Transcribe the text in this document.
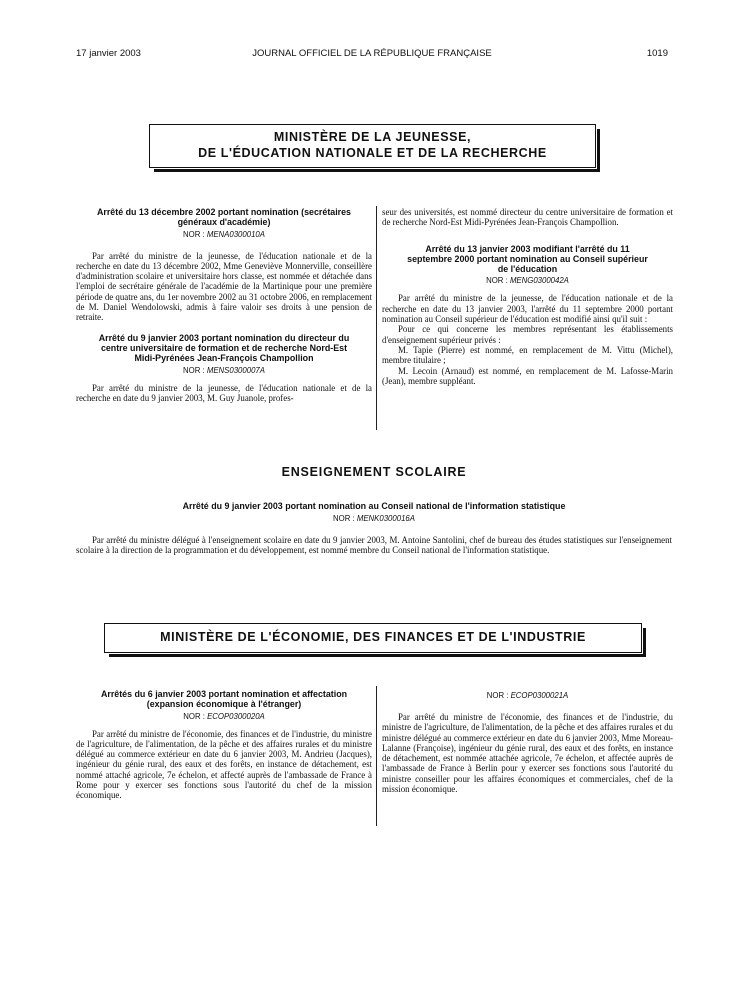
17 janvier 2003	JOURNAL OFFICIEL DE LA RÉPUBLIQUE FRANÇAISE	1019
MINISTÈRE DE LA JEUNESSE,
DE L'ÉDUCATION NATIONALE ET DE LA RECHERCHE
Arrêté du 13 décembre 2002 portant nomination (secrétaires généraux d'académie)
NOR : MENA0300010A

Par arrêté du ministre de la jeunesse, de l'éducation nationale et de la recherche en date du 13 décembre 2002, Mme Geneviève Monnerville, conseillère d'administration scolaire et universitaire hors classe, est nommée et détachée dans l'emploi de secrétaire générale de l'académie de la Martinique pour une première période de quatre ans, du 1er novembre 2002 au 31 octobre 2006, en remplacement de M. Daniel Wendolowski, admis à faire valoir ses droits à une pension de retraite.

Arrêté du 9 janvier 2003 portant nomination du directeur du centre universitaire de formation et de recherche Nord-Est Midi-Pyrénées Jean-François Champollion
NOR : MENS0300007A

Par arrêté du ministre de la jeunesse, de l'éducation nationale et de la recherche en date du 9 janvier 2003, M. Guy Juanole, profes-

seur des universités, est nommé directeur du centre universitaire de formation et de recherche Nord-Est Midi-Pyrénées Jean-François Champollion.
Arrêté du 13 janvier 2003 modifiant l'arrêté du 11 septembre 2000 portant nomination au Conseil supérieur de l'éducation
NOR : MENG0300042A

Par arrêté du ministre de la jeunesse, de l'éducation nationale et de la recherche en date du 13 janvier 2003, l'arrêté du 11 septembre 2000 portant nomination au Conseil supérieur de l'éducation est modifié ainsi qu'il suit :

Pour ce qui concerne les membres représentant les établissements d'enseignement supérieur privés :

M. Tapie (Pierre) est nommé, en remplacement de M. Vittu (Michel), membre titulaire ;

M. Lecoin (Arnaud) est nommé, en remplacement de M. Lafosse-Marin (Jean), membre suppléant.

ENSEIGNEMENT SCOLAIRE
Arrêté du 9 janvier 2003 portant nomination au Conseil national de l'information statistique
NOR : MENK0300016A

Par arrêté du ministre délégué à l'enseignement scolaire en date du 9 janvier 2003, M. Antoine Santolini, chef de bureau des études statistiques sur l'enseignement scolaire à la direction de la programmation et du développement, est nommé membre du Conseil national de l'information statistique.

MINISTÈRE DE L'ÉCONOMIE, DES FINANCES ET DE L'INDUSTRIE
Arrêtés du 6 janvier 2003 portant nomination et affectation (expansion économique à l'étranger)
NOR : ECOP0300020A

Par arrêté du ministre de l'économie, des finances et de l'industrie, du ministre de l'agriculture, de l'alimentation, de la pêche et des affaires rurales et du ministre délégué au commerce extérieur en date du 6 janvier 2003, M. Andrieu (Jacques), ingénieur du génie rural, des eaux et des forêts, en instance de détachement, est nommé attaché agricole, 7e échelon, et affecté auprès de l'ambassade de France à Rome pour y exercer ses fonctions sous l'autorité du chef de la mission économique.

NOR : ECOP0300021A

Par arrêté du ministre de l'économie, des finances et de l'industrie, du ministre de l'agriculture, de l'alimentation, de la pêche et des affaires rurales et du ministre délégué au commerce extérieur en date du 6 janvier 2003, Mme Moreau-Lalanne (Françoise), ingénieur du génie rural, des eaux et des forêts, en instance de détachement, est nommée attachée agricole, 7e échelon, et affectée auprès de l'ambassade de France à Berlin pour y exercer ses fonctions sous l'autorité du ministre conseiller pour les affaires économiques et commerciales, chef de la mission économique.
